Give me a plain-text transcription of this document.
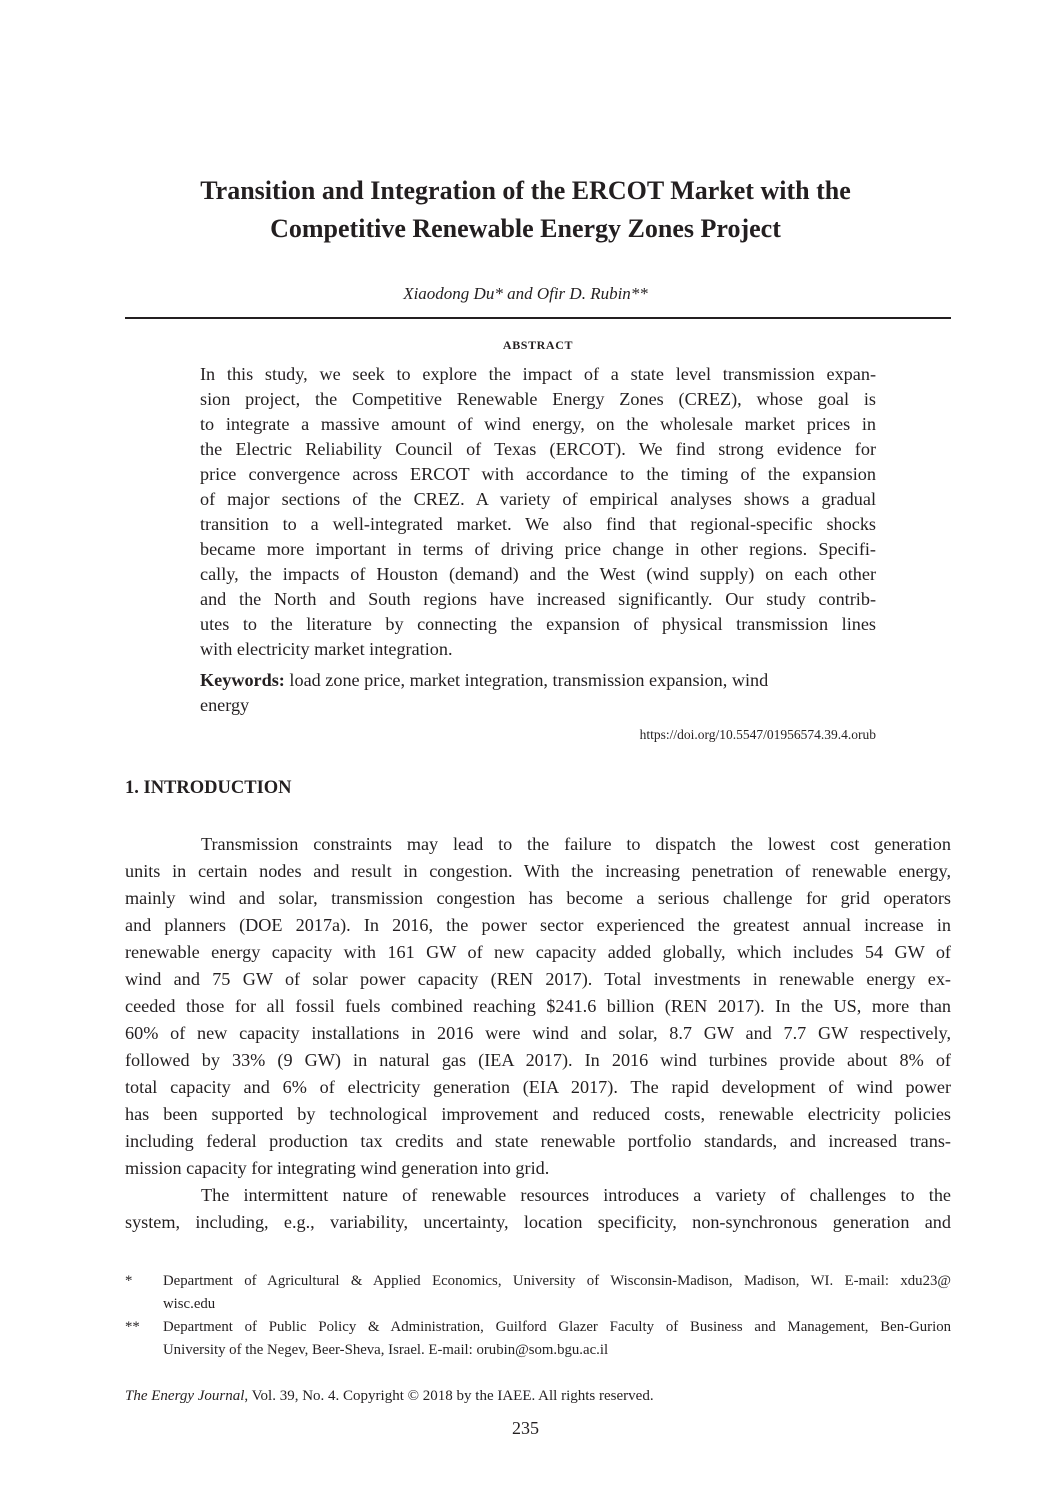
Transition and Integration of the ERCOT Market with the
Competitive Renewable Energy Zones Project
Xiaodong Du* and Ofir D. Rubin**
ABSTRACT
In this study, we seek to explore the impact of a state level transmission expan-
sion project, the Competitive Renewable Energy Zones (CREZ), whose goal is
to integrate a massive amount of wind energy, on the wholesale market prices in
the Electric Reliability Council of Texas (ERCOT). We find strong evidence for
price convergence across ERCOT with accordance to the timing of the expansion
of major sections of the CREZ. A variety of empirical analyses shows a gradual
transition to a well-integrated market. We also find that regional-specific shocks
became more important in terms of driving price change in other regions. Specifi-
cally, the impacts of Houston (demand) and the West (wind supply) on each other
and the North and South regions have increased significantly. Our study contrib-
utes to the literature by connecting the expansion of physical transmission lines
with electricity market integration.
Keywords: load zone price, market integration, transmission expansion, wind
energy
https://doi.org/10.5547/01956574.39.4.orub
1. INTRODUCTION
Transmission constraints may lead to the failure to dispatch the lowest cost generation
units in certain nodes and result in congestion. With the increasing penetration of renewable energy,
mainly wind and solar, transmission congestion has become a serious challenge for grid operators
and planners (DOE 2017a). In 2016, the power sector experienced the greatest annual increase in
renewable energy capacity with 161 GW of new capacity added globally, which includes 54 GW of
wind and 75 GW of solar power capacity (REN 2017). Total investments in renewable energy ex-
ceeded those for all fossil fuels combined reaching $241.6 billion (REN 2017). In the US, more than
60% of new capacity installations in 2016 were wind and solar, 8.7 GW and 7.7 GW respectively,
followed by 33% (9 GW) in natural gas (IEA 2017). In 2016 wind turbines provide about 8% of
total capacity and 6% of electricity generation (EIA 2017). The rapid development of wind power
has been supported by technological improvement and reduced costs, renewable electricity policies
including federal production tax credits and state renewable portfolio standards, and increased trans-
mission capacity for integrating wind generation into grid.
The intermittent nature of renewable resources introduces a variety of challenges to the
system, including, e.g., variability, uncertainty, location specificity, non-synchronous generation and
* Department of Agricultural & Applied Economics, University of Wisconsin-Madison, Madison, WI. E-mail: xdu23@
wisc.edu
** Department of Public Policy & Administration, Guilford Glazer Faculty of Business and Management, Ben-Gurion
University of the Negev, Beer-Sheva, Israel. E-mail: orubin@som.bgu.ac.il
The Energy Journal, Vol. 39, No. 4. Copyright © 2018 by the IAEE. All rights reserved.
235
